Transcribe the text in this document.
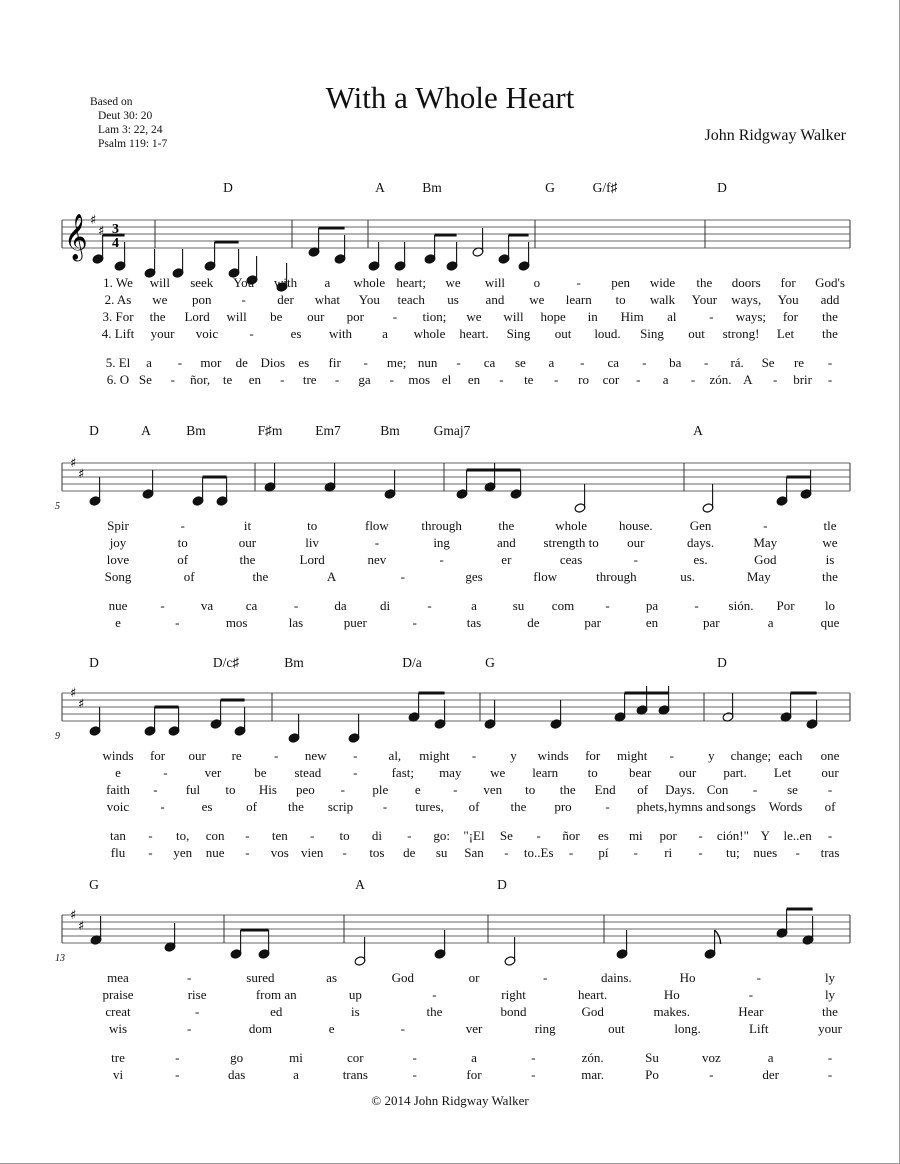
With a Whole Heart
John Ridgway Walker
Based on
Deut 30: 20
Lam 3: 22, 24
Psalm 119: 1-7
D	A	Bm	G	G/f♯	D
𝄞 3
4
♯
♯
1. We will seek You with a whole heart; we will o	- pen wide the doors for God's
2. As we pon - der what You teach us and we learn to walk Your ways, You add
3. For the Lord will be our por - tion; we will hope in Him al	- ways; for the
4. Lift your voic -	es with a whole heart. Sing out loud. Sing out strong! Let the
5. El a - mor de Dios es fir - me; nun - ca se a - ca - ba - rá. Se re -
6. O Se - ñor, te en - tre - ga - mos el en - te - ro cor - a - zón. A - brir -
D	A	Bm	F♯m Em7	Bm	Gmaj7	A
♯
♯
5
Spir	-	it	to	flow	through	the	whole house.	Gen	-	tle
joy	to	our	liv	-	ing	and strength to our	days.	May	we
love	of	the	Lord	nev	-	er	ceas	-	es.	God	is
Song	of	the	A	-	ges	flow	through	us.	May	the
nue	-	va	ca	-	da	di	-	a	su com -	pa	- sión. Por lo
e	-	mos	las	puer	-	tas	de	par	en	par	a	que
D	D/c♯	Bm	D/a	G	D
♯
♯
9
winds for our re - new - al, might -	y winds for might -	y change; each one
e	-	ver	be stead -	fast; may we learn to bear our part. Let our
faith - ful to His peo - ple e - ven to the End of Days. Con - se -
voic -	es	of the scrip - tures, of the pro	- phets, hymns and songs Words of
tan - to, con - ten - to di - go: "¡El Se - ñor es mi por - ción!" Y le..en -
flu - yen nue - vos vien - tos de su San - to..Es - pí - ri - tu; nues - tras
G	A	D
♯
♯
13
mea	-	sured	as	God	or	-	dains.	Ho	-	ly
praise	rise	from an	up	-	right	heart.	Ho	-	ly
creat	-	ed	is	the	bond	God	makes.	Hear	the
wis	-	dom	e	-	ver	ring	out	long.	Lift	your
tre	-	go	mi	cor	-	a	-	zón.	Su	voz	a	-
vi	-	das	a	trans	-	for	-	mar.	Po	-	der	-
© 2014 John Ridgway Walker
